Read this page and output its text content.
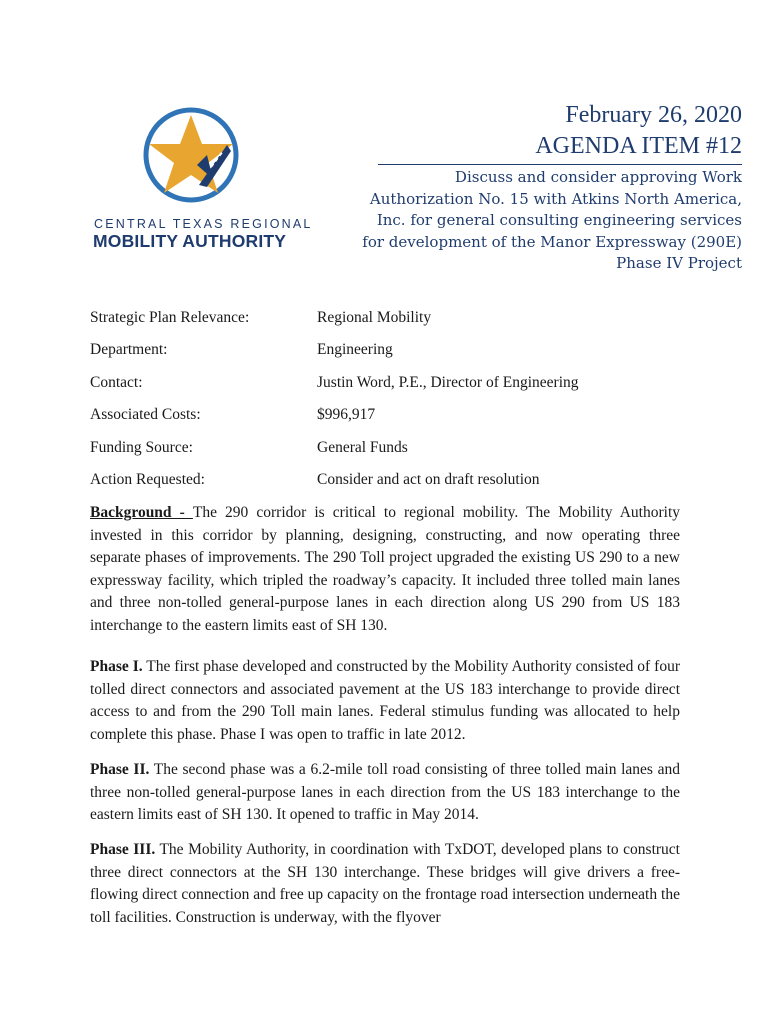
CENTRAL TEXAS REGIONAL
MOBILITY AUTHORITY
February 26, 2020
AGENDA ITEM #12
Discuss and consider approving Work Authorization No. 15 with Atkins North America, Inc. for general consulting engineering services for development of the Manor Expressway (290E) Phase IV Project
Strategic Plan Relevance:	Regional Mobility
Department:	Engineering
Contact:	Justin Word, P.E., Director of Engineering
Associated Costs:	$996,917
Funding Source:	General Funds
Action Requested:	Consider and act on draft resolution

Background - The 290 corridor is critical to regional mobility. The Mobility Authority invested in this corridor by planning, designing, constructing, and now operating three separate phases of improvements. The 290 Toll project upgraded the existing US 290 to a new expressway facility, which tripled the roadway’s capacity. It included three tolled main lanes and three non-tolled general-purpose lanes in each direction along US 290 from US 183 interchange to the eastern limits east of SH 130.

Phase I. The first phase developed and constructed by the Mobility Authority consisted of four tolled direct connectors and associated pavement at the US 183 interchange to provide direct access to and from the 290 Toll main lanes. Federal stimulus funding was allocated to help complete this phase. Phase I was open to traffic in late 2012.

Phase II. The second phase was a 6.2-mile toll road consisting of three tolled main lanes and three non-tolled general-purpose lanes in each direction from the US 183 interchange to the eastern limits east of SH 130. It opened to traffic in May 2014.

Phase III. The Mobility Authority, in coordination with TxDOT, developed plans to construct three direct connectors at the SH 130 interchange. These bridges will give drivers a free-flowing direct connection and free up capacity on the frontage road intersection underneath the toll facilities. Construction is underway, with the flyover
